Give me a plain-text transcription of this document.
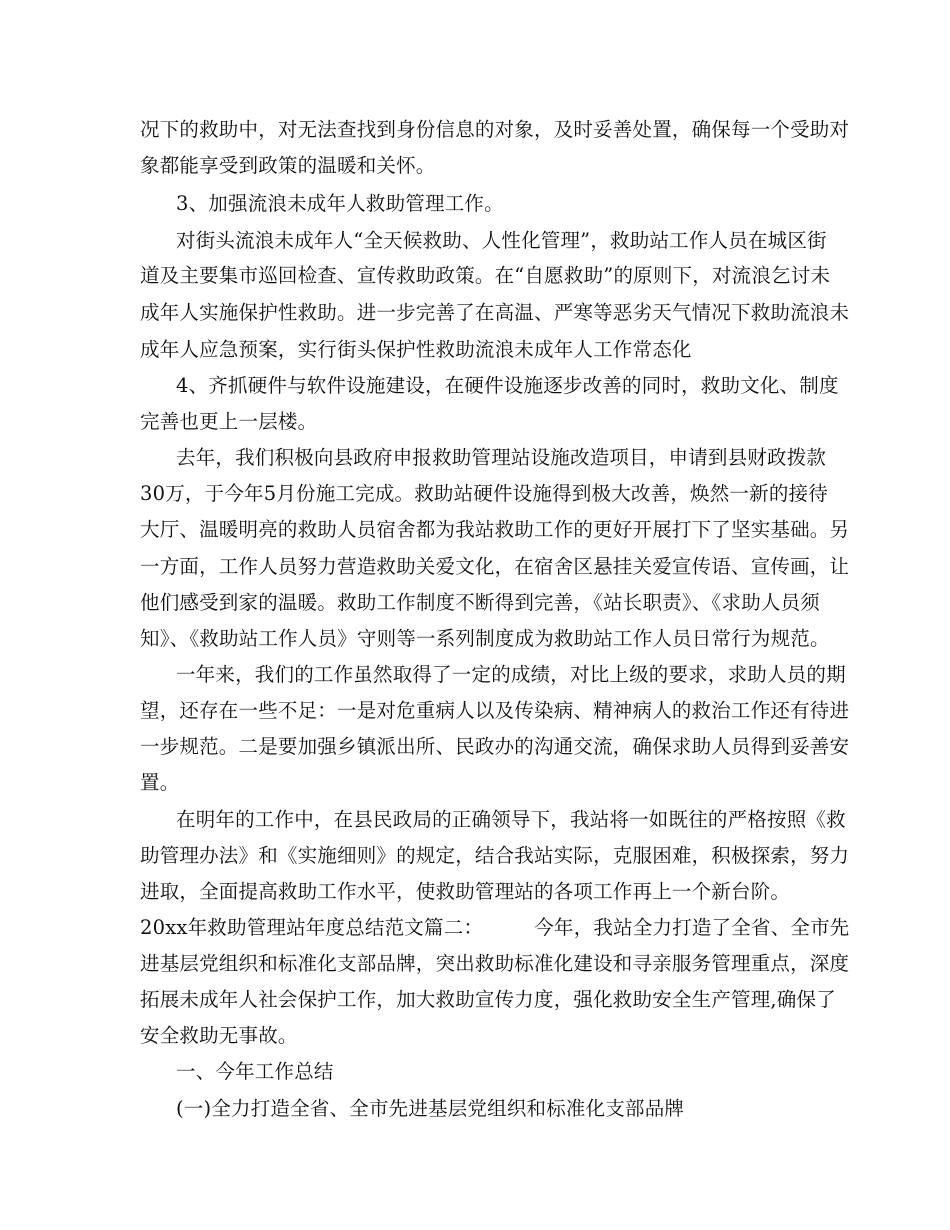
况下的救助中，对无法查找到身份信息的对象，及时妥善处置，确保每一个受助对
象都能享受到政策的温暖和关怀。
3、加强流浪未成年人救助管理工作。
对街头流浪未成年人“全天候救助、人性化管理”，救助站工作人员在城区街
道及主要集市巡回检查、宣传救助政策。在“自愿救助”的原则下，对流浪乞讨未
成年人实施保护性救助。进一步完善了在高温、严寒等恶劣天气情况下救助流浪未
成年人应急预案，实行街头保护性救助流浪未成年人工作常态化
4、齐抓硬件与软件设施建设，在硬件设施逐步改善的同时，救助文化、制度
完善也更上一层楼。
去年，我们积极向县政府申报救助管理站设施改造项目，申请到县财政拨款
30万，于今年5月份施工完成。救助站硬件设施得到极大改善，焕然一新的接待
大厅、温暖明亮的救助人员宿舍都为我站救助工作的更好开展打下了坚实基础。另
一方面，工作人员努力营造救助关爱文化，在宿舍区悬挂关爱宣传语、宣传画，让
他们感受到家的温暖。救助工作制度不断得到完善，《站长职责》、《求助人员须
知》、《救助站工作人员》守则等一系列制度成为救助站工作人员日常行为规范。
一年来，我们的工作虽然取得了一定的成绩，对比上级的要求，求助人员的期
望，还存在一些不足：一是对危重病人以及传染病、精神病人的救治工作还有待进
一步规范。二是要加强乡镇派出所、民政办的沟通交流，确保求助人员得到妥善安
置。
在明年的工作中，在县民政局的正确领导下，我站将一如既往的严格按照《救
助管理办法》和《实施细则》的规定，结合我站实际，克服困难，积极探索，努力
进取，全面提高救助工作水平，使救助管理站的各项工作再上一个新台阶。
20xx年救助管理站年度总结范文篇二：        今年，我站全力打造了全省、全市先
进基层党组织和标准化支部品牌，突出救助标准化建设和寻亲服务管理重点，深度
拓展未成年人社会保护工作，加大救助宣传力度，强化救助安全生产管理,确保了
安全救助无事故。
一、今年工作总结
(一)全力打造全省、全市先进基层党组织和标准化支部品牌
